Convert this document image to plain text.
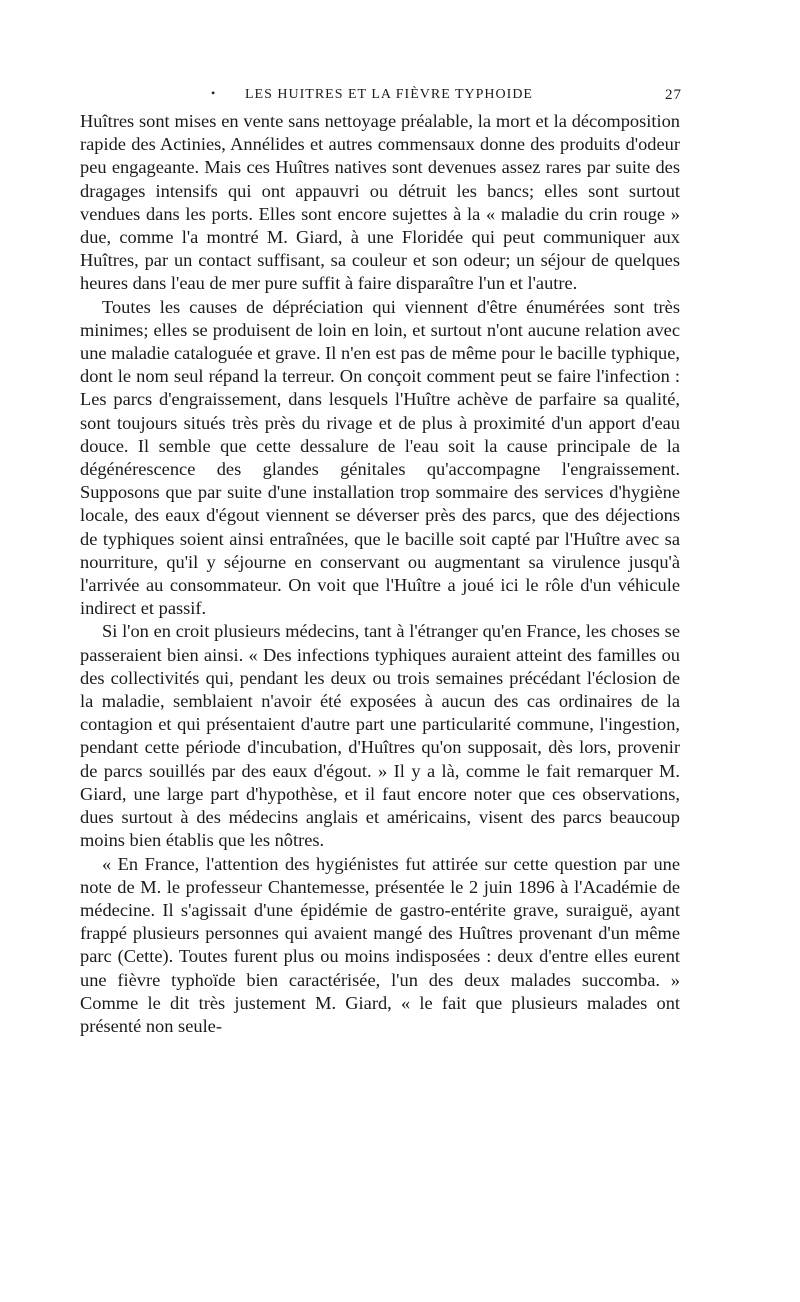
• LES HUITRES ET LA FIÈVRE TYPHOIDE	27

Huîtres sont mises en vente sans nettoyage préalable, la mort et la décomposition rapide des Actinies, Annélides et autres commensaux donne des produits d'odeur peu engageante. Mais ces Huîtres natives sont devenues assez rares par suite des dragages intensifs qui ont appauvri ou détruit les bancs; elles sont surtout vendues dans les ports. Elles sont encore sujettes à la « maladie du crin rouge » due, comme l'a montré M. Giard, à une Floridée qui peut communiquer aux Huîtres, par un contact suffisant, sa couleur et son odeur; un séjour de quelques heures dans l'eau de mer pure suffit à faire disparaître l'un et l'autre.

Toutes les causes de dépréciation qui viennent d'être énumérées sont très minimes; elles se produisent de loin en loin, et surtout n'ont aucune relation avec une maladie cataloguée et grave. Il n'en est pas de même pour le bacille typhique, dont le nom seul répand la terreur. On conçoit comment peut se faire l'infection : Les parcs d'engraissement, dans lesquels l'Huître achève de parfaire sa qualité, sont toujours situés très près du rivage et de plus à proximité d'un apport d'eau douce. Il semble que cette dessalure de l'eau soit la cause principale de la dégénérescence des glandes génitales qu'accompagne l'engraissement. Supposons que par suite d'une installation trop sommaire des services d'hygiène locale, des eaux d'égout viennent se déverser près des parcs, que des déjections de typhiques soient ainsi entraînées, que le bacille soit capté par l'Huître avec sa nourriture, qu'il y séjourne en conservant ou augmentant sa virulence jusqu'à l'arrivée au consommateur. On voit que l'Huître a joué ici le rôle d'un véhicule indirect et passif.

Si l'on en croit plusieurs médecins, tant à l'étranger qu'en France, les choses se passeraient bien ainsi. « Des infections typhiques auraient atteint des familles ou des collectivités qui, pendant les deux ou trois semaines précédant l'éclosion de la maladie, semblaient n'avoir été exposées à aucun des cas ordinaires de la contagion et qui présentaient d'autre part une particularité commune, l'ingestion, pendant cette période d'incubation, d'Huîtres qu'on supposait, dès lors, provenir de parcs souillés par des eaux d'égout. » Il y a là, comme le fait remarquer M. Giard, une large part d'hypothèse, et il faut encore noter que ces observations, dues surtout à des médecins anglais et américains, visent des parcs beaucoup moins bien établis que les nôtres.

« En France, l'attention des hygiénistes fut attirée sur cette question par une note de M. le professeur Chantemesse, présentée le 2 juin 1896 à l'Académie de médecine. Il s'agissait d'une épidémie de gastro-entérite grave, suraiguë, ayant frappé plusieurs personnes qui avaient mangé des Huîtres provenant d'un même parc (Cette). Toutes furent plus ou moins indisposées : deux d'entre elles eurent une fièvre typhoïde bien caractérisée, l'un des deux malades succomba. » Comme le dit très justement M. Giard, « le fait que plusieurs malades ont présenté non seule-
